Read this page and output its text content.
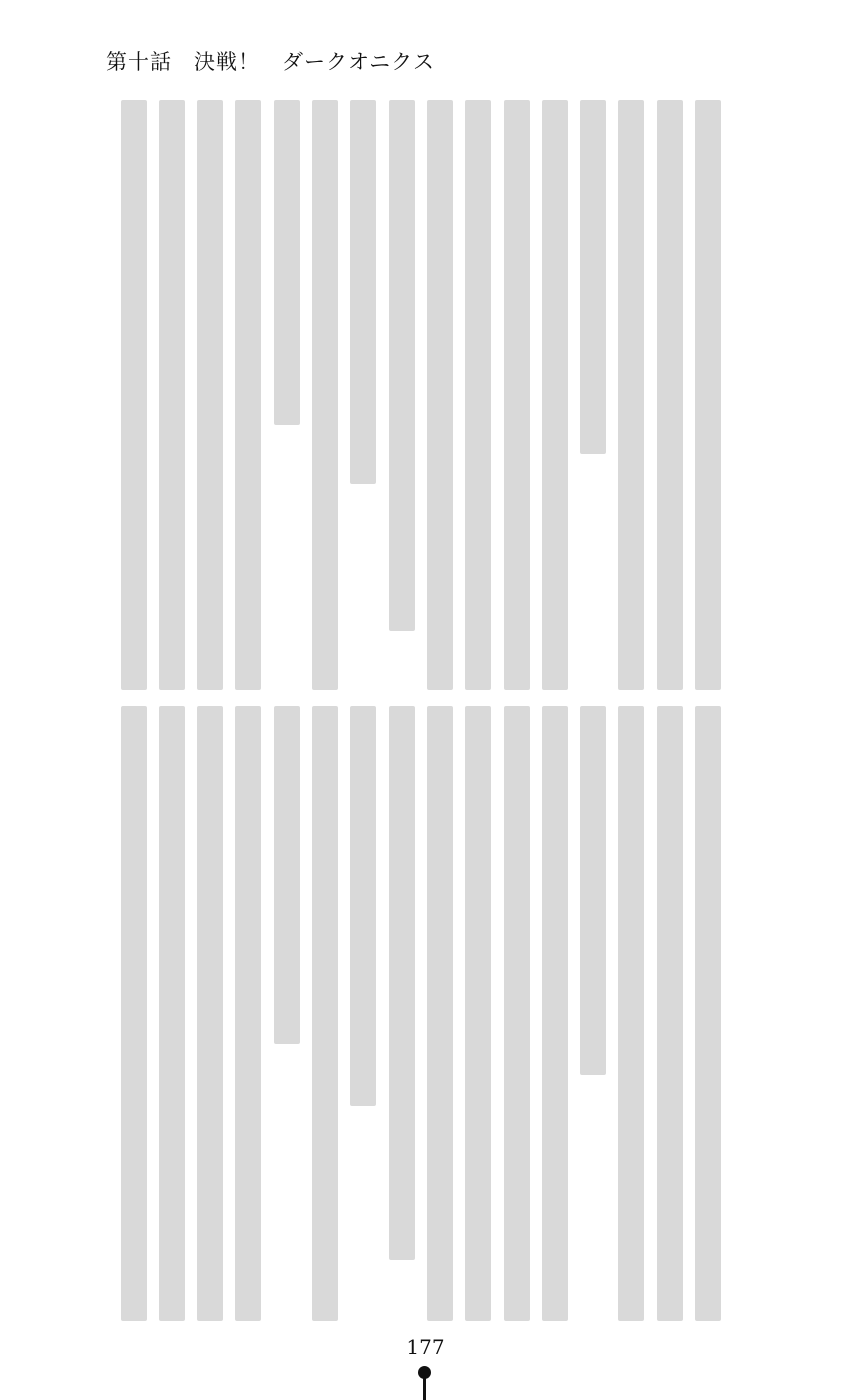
第十話　決戦！　ダークオニクス
177
